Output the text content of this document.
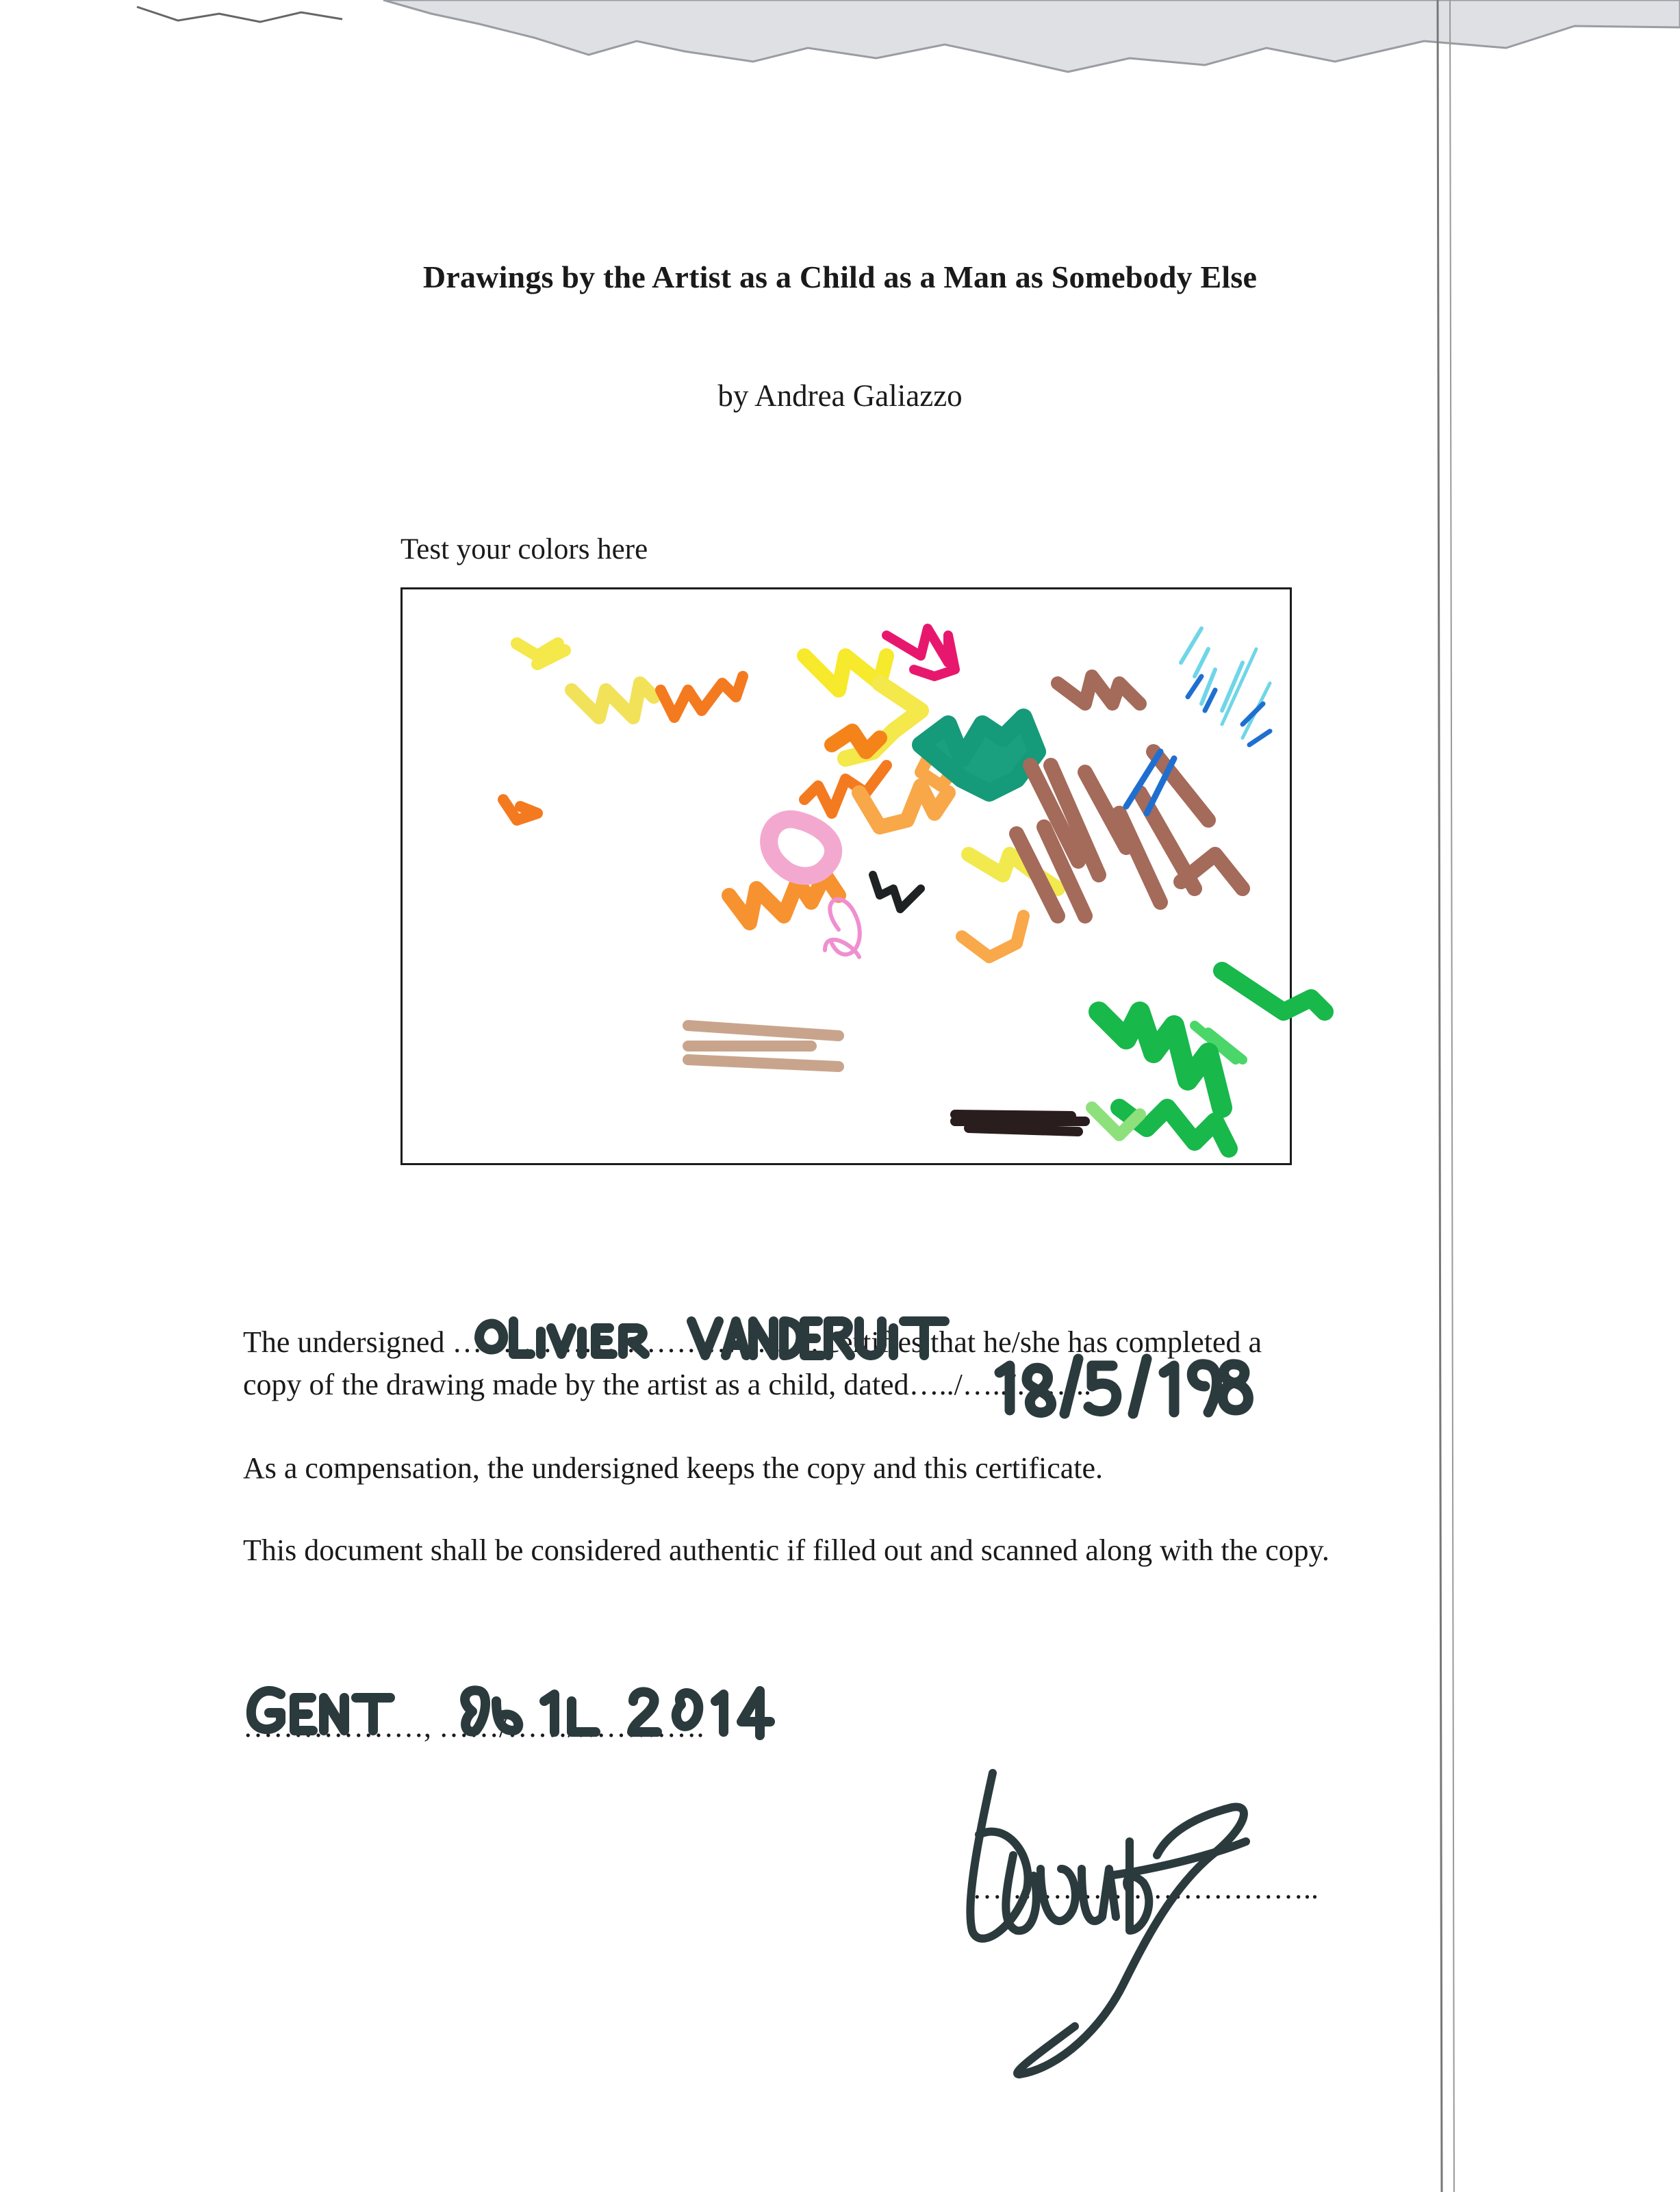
Drawings by the Artist as a Child as a Man as Somebody Else
by Andrea Galiazzo
Test your colors here
The undersigned …………………………….…. certifies that he/she has completed a
copy of the drawing made by the artist as a child, dated…../…../……..
As a compensation, the undersigned keeps the copy and this certificate.
This document shall be considered authentic if filled out and scanned along with the copy.
………………, ……/……/………….
……………………………..
